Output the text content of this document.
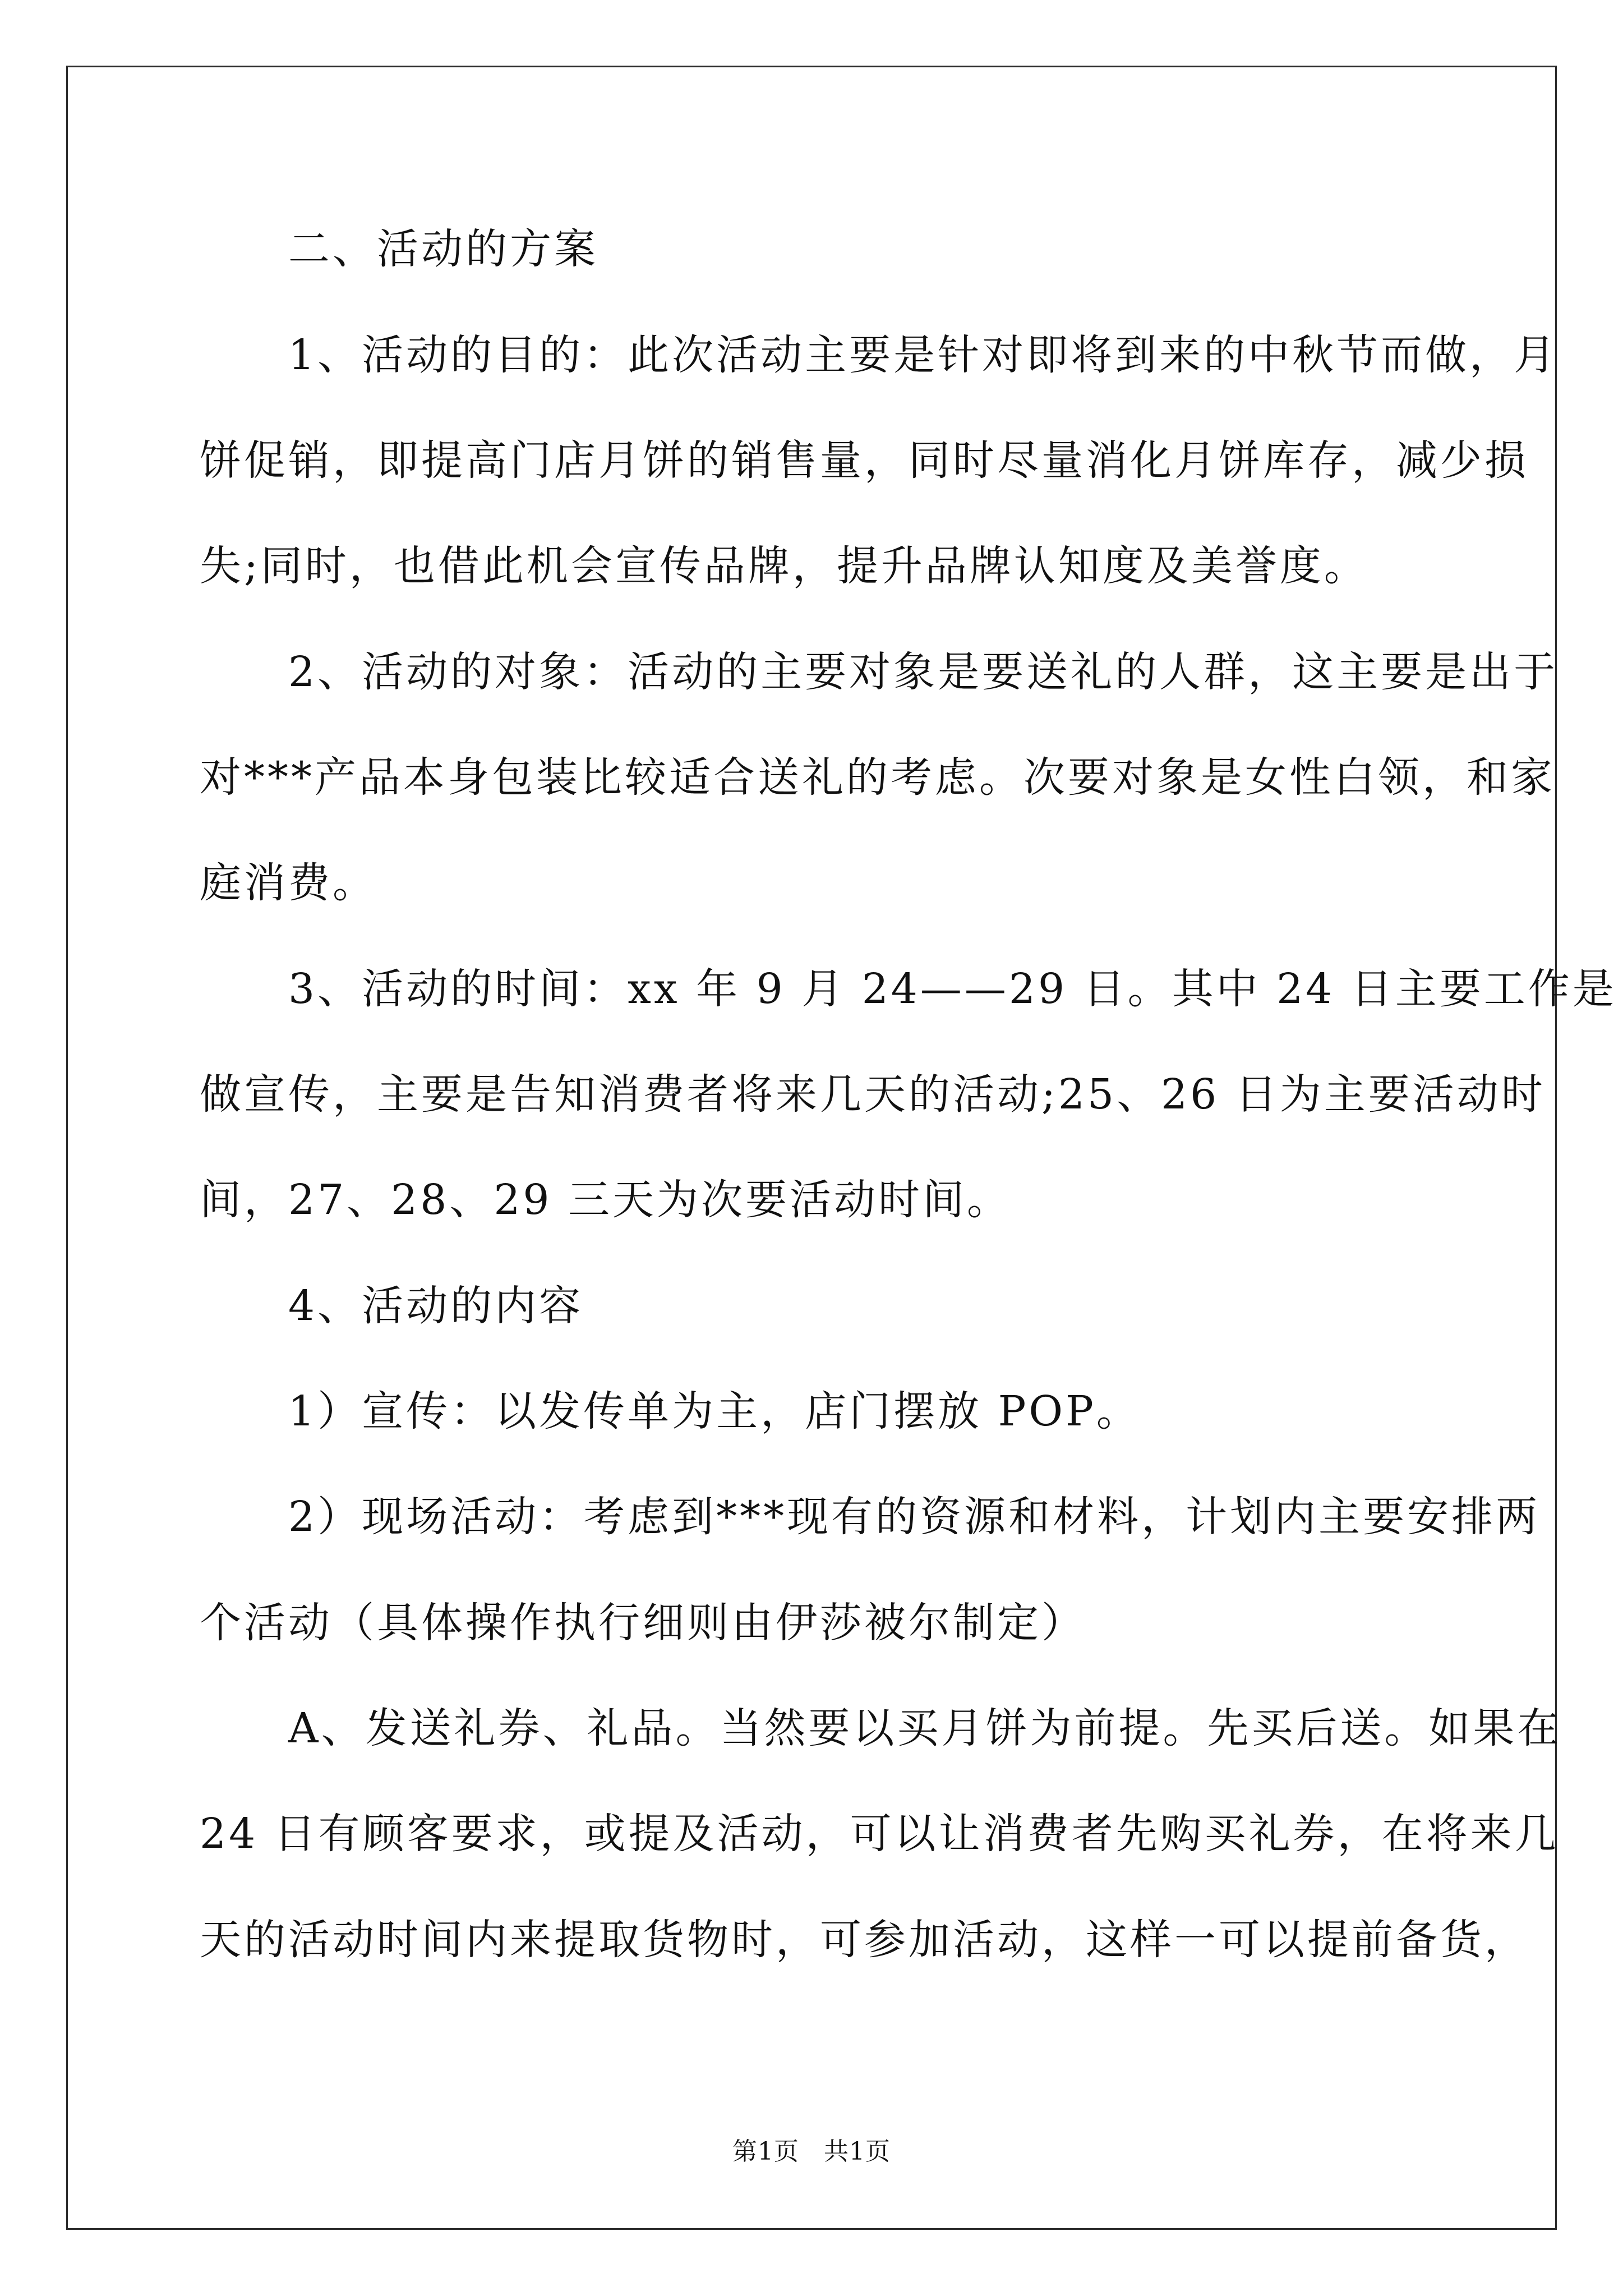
　　二、活动的方案
　　1、活动的目的：此次活动主要是针对即将到来的中秋节而做，月
饼促销，即提高门店月饼的销售量，同时尽量消化月饼库存，减少损
失;同时，也借此机会宣传品牌，提升品牌认知度及美誉度。
　　2、活动的对象：活动的主要对象是要送礼的人群，这主要是出于
对***产品本身包装比较适合送礼的考虑。次要对象是女性白领，和家
庭消费。
　　3、活动的时间：xx 年 9 月 24——29 日。其中 24 日主要工作是
做宣传，主要是告知消费者将来几天的活动;25、26 日为主要活动时
间，27、28、29 三天为次要活动时间。
　　4、活动的内容
　　1）宣传：以发传单为主，店门摆放 POP。
　　2）现场活动：考虑到***现有的资源和材料，计划内主要安排两
个活动（具体操作执行细则由伊莎被尔制定）
　　A、发送礼券、礼品。当然要以买月饼为前提。先买后送。如果在
24 日有顾客要求，或提及活动，可以让消费者先购买礼券，在将来几
天的活动时间内来提取货物时，可参加活动，这样一可以提前备货，
第1页 共1页
